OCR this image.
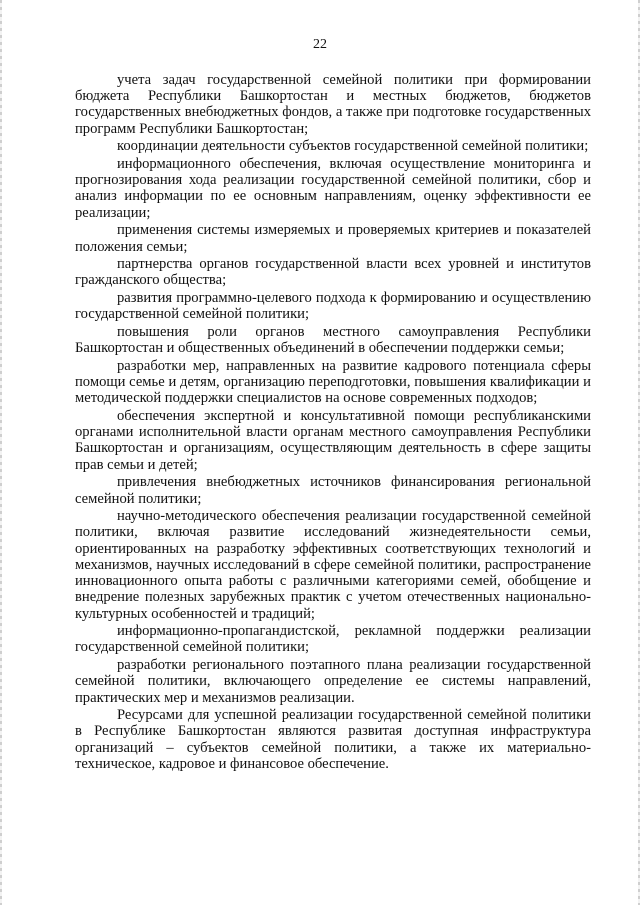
22

учета задач государственной семейной политики при формировании бюджета Республики Башкортостан и местных бюджетов, бюджетов государственных внебюджетных фондов, а также при подготовке государственных программ Республики Башкортостан;

координации деятельности субъектов государственной семейной политики;

информационного обеспечения, включая осуществление мониторинга и прогнозирования хода реализации государственной семейной политики, сбор и анализ информации по ее основным направлениям, оценку эффективности ее реализации;

применения системы измеряемых и проверяемых критериев и показателей положения семьи;

партнерства органов государственной власти всех уровней и институтов гражданского общества;

развития программно-целевого подхода к формированию и осуществлению государственной семейной политики;

повышения роли органов местного самоуправления Республики Башкортостан и общественных объединений в обеспечении поддержки семьи;

разработки мер, направленных на развитие кадрового потенциала сферы помощи семье и детям, организацию переподготовки, повышения квалификации и методической поддержки специалистов на основе современных подходов;

обеспечения экспертной и консультативной помощи республиканскими органами исполнительной власти органам местного самоуправления Республики Башкортостан и организациям, осуществляющим деятельность в сфере защиты прав семьи и детей;

привлечения внебюджетных источников финансирования региональной семейной политики;

научно-методического обеспечения реализации государственной семейной политики, включая развитие исследований жизнедеятельности семьи, ориентированных на разработку эффективных соответствующих технологий и механизмов, научных исследований в сфере семейной политики, распространение инновационного опыта работы с различными категориями семей, обобщение и внедрение полезных зарубежных практик с учетом отечественных национально-культурных особенностей и традиций;

информационно-пропагандистской, рекламной поддержки реализации государственной семейной политики;

разработки регионального поэтапного плана реализации государственной семейной политики, включающего определение ее системы направлений, практических мер и механизмов реализации.

Ресурсами для успешной реализации государственной семейной политики в Республике Башкортостан являются развитая доступная инфраструктура организаций – субъектов семейной политики, а также их материально-техническое, кадровое и финансовое обеспечение.
